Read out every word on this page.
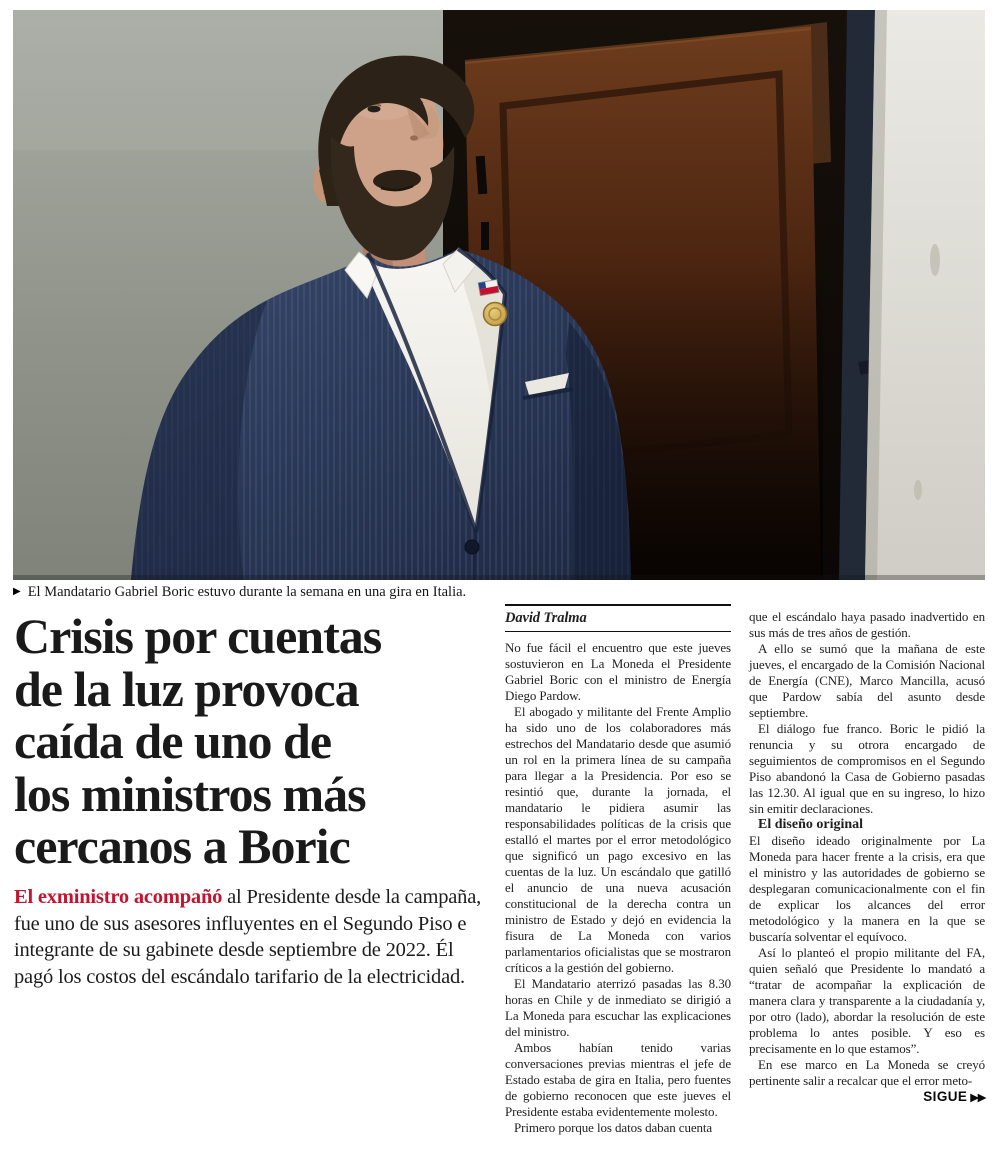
▶ El Mandatario Gabriel Boric estuvo durante la semana en una gira en Italia.
Crisis por cuentas
de la luz provoca
caída de uno de
los ministros más
cercanos a Boric

El exministro acompañó al Presidente desde la campaña, fue uno de sus asesores influyentes en el Segundo Piso e integrante de su gabinete desde septiembre de 2022. Él pagó los costos del escándalo tarifario de la electricidad.

David Tralma

No fue fácil el encuentro que este jueves sostuvieron en La Moneda el Presidente Gabriel Boric con el ministro de Energía Diego Pardow.

El abogado y militante del Frente Amplio ha sido uno de los colaboradores más estrechos del Mandatario desde que asumió un rol en la primera línea de su campaña para llegar a la Presidencia. Por eso se resintió que, durante la jornada, el mandatario le pidiera asumir las responsabilidades políticas de la crisis que estalló el martes por el error metodológico que significó un pago excesivo en las cuentas de la luz. Un escándalo que gatilló el anuncio de una nueva acusación constitucional de la derecha contra un ministro de Estado y dejó en evidencia la fisura de La Moneda con varios parlamentarios oficialistas que se mostraron críticos a la gestión del gobierno.

El Mandatario aterrizó pasadas las 8.30 horas en Chile y de inmediato se dirigió a La Moneda para escuchar las explicaciones del ministro.

Ambos habían tenido varias conversaciones previas mientras el jefe de Estado estaba de gira en Italia, pero fuentes de gobierno reconocen que este jueves el Presidente estaba evidentemente molesto.

Primero porque los datos daban cuenta

que el escándalo haya pasado inadvertido en sus más de tres años de gestión.

A ello se sumó que la mañana de este jueves, el encargado de la Comisión Nacional de Energía (CNE), Marco Mancilla, acusó que Pardow sabía del asunto desde septiembre.

El diálogo fue franco. Boric le pidió la renuncia y su otrora encargado de seguimientos de compromisos en el Segundo Piso abandonó la Casa de Gobierno pasadas las 12.30. Al igual que en su ingreso, lo hizo sin emitir declaraciones.

El diseño original

El diseño ideado originalmente por La Moneda para hacer frente a la crisis, era que el ministro y las autoridades de gobierno se desplegaran comunicacionalmente con el fin de explicar los alcances del error metodológico y la manera en la que se buscaría solventar el equívoco.

Así lo planteó el propio militante del FA, quien señaló que Presidente lo mandató a “tratar de acompañar la explicación de manera clara y transparente a la ciudadanía y, por otro (lado), abordar la resolución de este problema lo antes posible. Y eso es precisamente en lo que estamos”.

En ese marco en La Moneda se creyó pertinente salir a recalcar que el error meto-

SIGUE ▶▶
